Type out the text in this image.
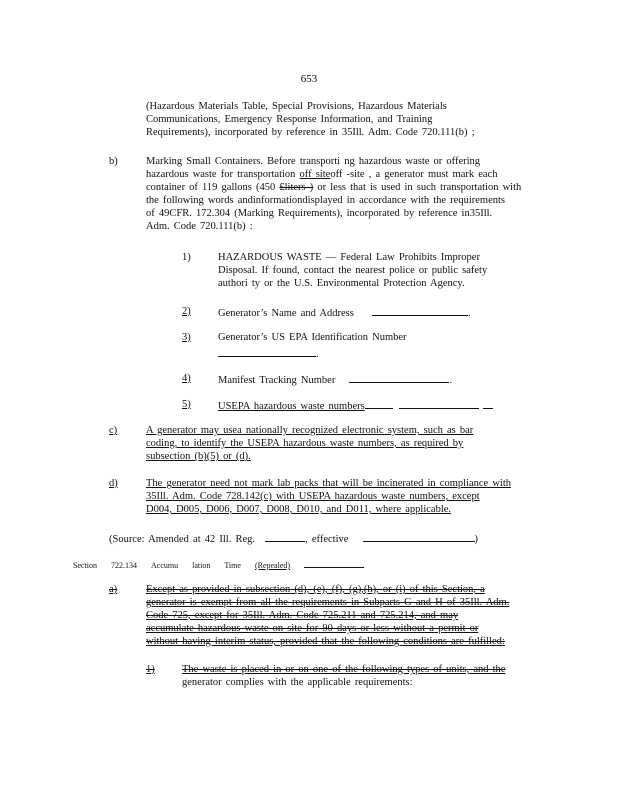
653
(Hazardous Materials Table, Special Provisions, Hazardous Materials
Communications, Emergency Response Information, and Training
Requirements), incorporated by reference in 35Ill. Adm. Code 720.111(b) ;
b)	Marking Small Containers. Before transporti ng hazardous waste or offering
hazardous waste for transportation off siteoff -site , a generator must mark each
container of 119 gallons (450 £liters ) or less that is used in such transportation with
the following words andinformationdisplayed in accordance with the requirements
of 49CFR. 172.304 (Marking Requirements), incorporated by reference in35Ill.
Adm. Code 720.111(b) :
1)	HAZARDOUS WASTE — Federal Law Prohibits Improper
Disposal. If found, contact the nearest police or public safety
authori ty or the U.S. Environmental Protection Agency.
2)	Generator’s Name and Address	.
3)	Generator’s US EPA Identification Number
.
4)	Manifest Tracking Number	.
5)	USEPA hazardous waste numbers
c)	A generator may usea nationally recognized electronic system, such as bar
coding, to identify the USEPA hazardous waste numbers, as required by
subsection (b)(5) or (d).
d)	The generator need not mark lab packs that will be incinerated in compliance with
35Ill. Adm. Code 728.142(c) with USEPA hazardous waste numbers, except
D004, D005, D006, D007, D008, D010, and D011, where applicable.
(Source: Amended at 42 Ill. Reg.	, effective	)
Section 722.134 Accumu lation Time (Repealed)
a)	Except as provided in subsection (d), (e), (f), (g),(h), or (i) of this Section, a
generator is exempt from all the requirements in Subparts G and H of 35Ill. Adm.
Code 725, except for 35Ill. Adm. Code 725.211 and 725.214, and may
accumulate hazardous waste on site for 90 days or less without a permit or
without having interim status, provided that the following conditions are fulfilled:
1)	The waste is placed in or on one of the following types of units, and the
generator complies with the applicable requirements:
